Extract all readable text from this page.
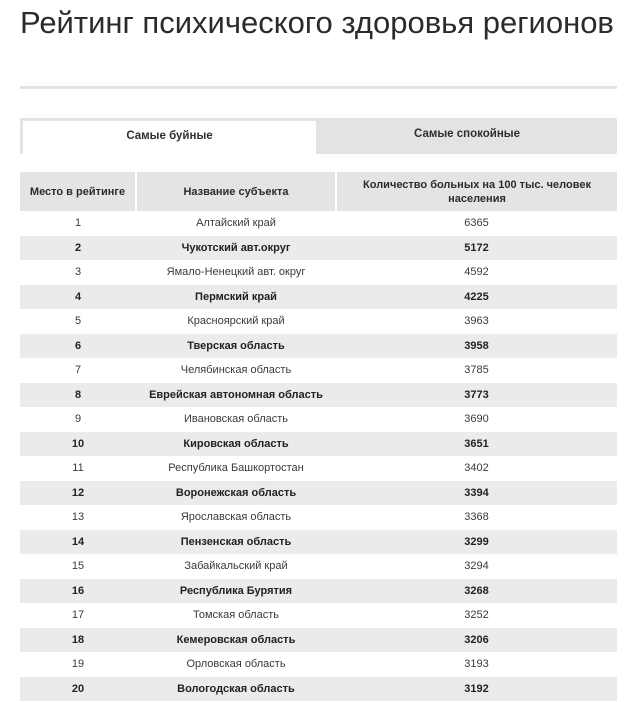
Рейтинг психического здоровья регионов
Самые буйные	Самые спокойные
Место в рейтинге	Название субъекта	Количество больных на 100 тыс. человек населения
1	Алтайский край	6365
2	Чукотский авт.округ	5172
3	Ямало-Ненецкий авт. округ	4592
4	Пермский край	4225
5	Красноярский край	3963
6	Тверская область	3958
7	Челябинская область	3785
8	Еврейская автономная область	3773
9	Ивановская область	3690
10	Кировская область	3651
11	Республика Башкортостан	3402
12	Воронежская область	3394
13	Ярославская область	3368
14	Пензенская область	3299
15	Забайкальский край	3294
16	Республика Бурятия	3268
17	Томская область	3252
18	Кемеровская область	3206
19	Орловская область	3193
20	Вологодская область	3192
